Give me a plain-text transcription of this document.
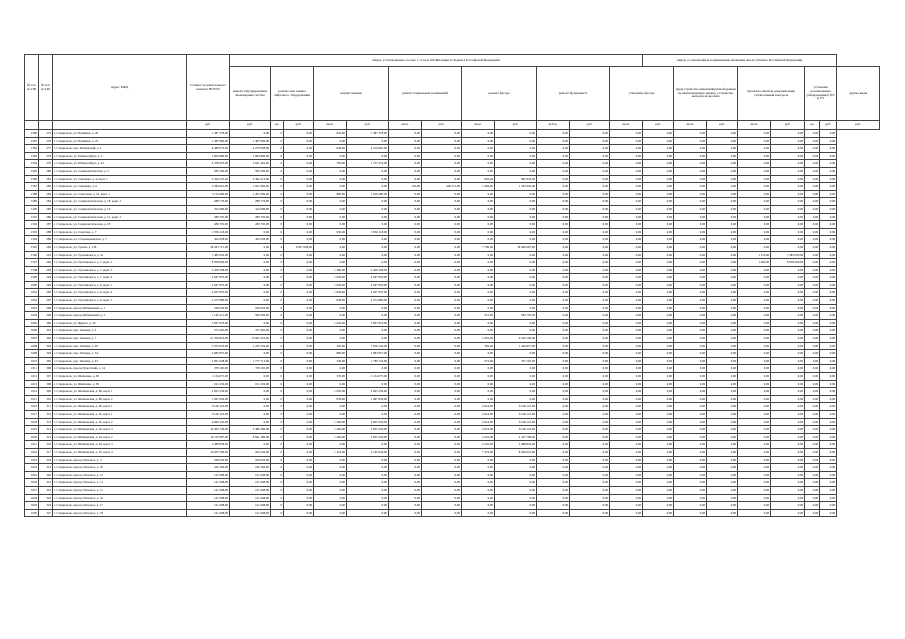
№ п/п по ПП	№ п/п по ПО	Адрес МКД	Стоимость капитального ремонта ВСЕГО	видов, установленных частью 1 статьи 166 Жилищного Кодекса Российской Федерации												видов, установленных нормативным правовым актом субъекта Российской Федерации							
				ремонт внутридомовых инженерных систем	ремонт или замена лифтового оборудования		ремонт крыши		ремонт подвальных помещений		ремонт фасада		ремонт фундамента		утепление фасада		переустройство невентилируемой крыши на вентилируемую крышу, устройство выходов на кровлю		проектно-сметная документация, строительный контроль		установка коллективных (общедомовых) ПУ и УУ		другие виды
			руб.	руб.	ед.	руб.	кв.м.	руб.	кв.м.	руб.	кв.м.	руб.	куб.м.	руб.	кв.м.	руб.	кв.м.	руб.	кв.м.	руб.	ед.	руб.	руб.
1580	275	г. Ставрополь, ул. Пушкина, д. 20	1 387 378,00	0,00	0	0,00	832,00	1 387 378,00	0,00	0,00	0,00	0,00	0,00	0,00	0,00	0,00	0,00	0,00	0,00	0,00	0,00	0,00	
1581	276	г. Ставрополь, ул. Пушкина, д. 25	1 387 000,00	1 387 000,00	0	0,00	0,00	0,00	0,00	0,00	0,00	0,00	0,00	0,00	0,00	0,00	0,00	0,00	0,00	0,00	0,00	0,00	
1582	277	г. Ставрополь, пер. Рылеевский, д. 1	6 489 073,00	4 270 008,00	0	0,00	846,00	2 219 065,00	0,00	0,00	0,00	0,00	0,00	0,00	0,00	0,00	0,00	0,00	0,00	0,00	0,00	0,00	
1583	278	г. Ставрополь, ул. Р.Люксембург, д. 3	1 864 886,00	1 864 886,00	0	0,00	0,00	0,00	0,00	0,00	0,00	0,00	0,00	0,00	0,00	0,00	0,00	0,00	0,00	0,00	0,00	0,00	
1584	279	г. Ставрополь, ул. Р.Люксембург, д. 43	4 378 976,00	2 621 402,00	0	0,00	766,00	1 757 574,00	0,00	0,00	0,00	0,00	0,00	0,00	0,00	0,00	0,00	0,00	0,00	0,00	0,00	0,00	
1585	280	г. Ставрополь, ул. Социалистическая, д. 3	585 506,00	585 506,00	0	0,00	0,00	0,00	0,00	0,00	0,00	0,00	0,00	0,00	0,00	0,00	0,00	0,00	0,00	0,00	0,00	0,00	
1586	281	г. Ставрополь, ул. Спенцера, д. 4, корп. 1	3 444 255,20	2 462 212,00	0	0,00	0,00	0,00	0,00	0,00	605,20	982 043,20	0,00	0,00	0,00	0,00	0,00	0,00	0,00	0,00	0,00	0,00	
1587	282	г. Ставрополь, ул. Спенцера, д. 6	3 584 661,00	1 951 900,00	0	0,00	0,00	0,00	135,00	449 111,00	1 069,00	1 183 650,00	0,00	0,00	0,00	0,00	0,00	0,00	0,00	0,00	0,00	0,00	
1588	283	г. Ставрополь, ул. Советская, д. 10, корп. 1	3 119 480,00	1 201 000,00	0	0,00	899,00	1 918 480,00	0,00	0,00	0,00	0,00	0,00	0,00	0,00	0,00	0,00	0,00	0,00	0,00	0,00	0,00	
1589	284	г. Ставрополь, ул. Социалистическая, д. 18, корп. 2	288 776,00	288 776,00	0	0,00	0,00	0,00	0,00	0,00	0,00	0,00	0,00	0,00	0,00	0,00	0,00	0,00	0,00	0,00	0,00	0,00	
1590	285	г. Ставрополь, ул. Социалистическая, д. 19	322 086,00	322 086,00	0	0,00	0,00	0,00	0,00	0,00	0,00	0,00	0,00	0,00	0,00	0,00	0,00	0,00	0,00	0,00	0,00	0,00	
1591	286	г. Ставрополь, ул. Социалистическая, д. 21, корп. 2	289 795,00	289 795,00	0	0,00	0,00	0,00	0,00	0,00	0,00	0,00	0,00	0,00	0,00	0,00	0,00	0,00	0,00	0,00	0,00	0,00	
1592	287	г. Ставрополь, ул. Социалистическая, д. 23	289 795,00	289 795,00	0	0,00	0,00	0,00	0,00	0,00	0,00	0,00	0,00	0,00	0,00	0,00	0,00	0,00	0,00	0,00	0,00	0,00	
1593	288	г. Ставрополь, ул. Спартака, д. 7	1 856 118,00	0,00	0	0,00	930,00	1 856 118,00	0,00	0,00	0,00	0,00	0,00	0,00	0,00	0,00	0,00	0,00	0,00	0,00	0,00	0,00	
1594	289	г. Ставрополь, пл. Старомарьевское, д. 7	422 058,00	422 058,00	0	0,00	0,00	0,00	0,00	0,00	0,00	0,00	0,00	0,00	0,00	0,00	0,00	0,00	0,00	0,00	0,00	0,00	
1595	290	г. Ставрополь, ул. Тухова, д. 136	28 263 715,00	0,00	4	9 857 028,00	0,00	0,00	0,00	0,00	7 790,00	18 406 687,00	0,00	0,00	0,00	0,00	0,00	0,00	0,00	0,00	0,00	0,00	
1596	291	г. Ставрополь, ул. Тухачевского, д. 3а	7 485 050,00	0,00	0	0,00	0,00	0,00	0,00	0,00	0,00	0,00	0,00	0,00	0,00	0,00	0,00	0,00	1 155,00	7 485 050,00	0,00	0,00	
1597	292	г. Ставрополь, ул. Тухачевского, д. 7, корп. 2	8 958 600,00	0,00	0	0,00	0,00	0,00	0,00	0,00	0,00	0,00	0,00	0,00	0,00	0,00	0,00	0,00	1 400,00	8 958 600,00	0,00	0,00	
1598	293	г. Ставрополь, ул. Тухачевского, д. 7, корп. 3	3 459 328,00	0,00	0	0,00	1 386,00	3 459 328,00	0,00	0,00	0,00	0,00	0,00	0,00	0,00	0,00	0,00	0,00	0,00	0,00	0,00	0,00	
1599	294	г. Ставрополь, ул. Тухачевского, д. 7, корп. 4	4 647 835,00	0,00	0	0,00	1 959,00	4 647 835,00	0,00	0,00	0,00	0,00	0,00	0,00	0,00	0,00	0,00	0,00	0,00	0,00	0,00	0,00	
1600	295	г. Ставрополь, ул. Тухачевского, д. 9, корп. 1	4 647 835,00	0,00	0	0,00	1 959,00	4 647 835,00	0,00	0,00	0,00	0,00	0,00	0,00	0,00	0,00	0,00	0,00	0,00	0,00	0,00	0,00	
1601	296	г. Ставрополь, ул. Тухачевского, д. 9, корп. 4	4 647 835,00	0,00	0	0,00	1 959,00	4 647 835,00	0,00	0,00	0,00	0,00	0,00	0,00	0,00	0,00	0,00	0,00	0,00	0,00	0,00	0,00	
1602	297	г. Ставрополь, ул. Тухачевского, д. 9, корп. 5	2 272 886,00	0,00	0	0,00	958,00	2 272 886,00	0,00	0,00	0,00	0,00	0,00	0,00	0,00	0,00	0,00	0,00	0,00	0,00	0,00	0,00	
1603	298	г. Ставрополь, проезд Фабричный, д. 1	236 056,00	236 056,00	0	0,00	0,00	0,00	0,00	0,00	0,00	0,00	0,00	0,00	0,00	0,00	0,00	0,00	0,00	0,00	0,00	0,00	
1604	299	г. Ставрополь, проезд Фабричный, д. 3	1 145 211,00	560 506,00	0	0,00	0,00	0,00	0,00	0,00	475,00	584 705,00	0,00	0,00	0,00	0,00	0,00	0,00	0,00	0,00	0,00	0,00	
1605	300	г. Ставрополь, ул. Фрунзе, д. 20	3 837 918,00	0,00	0	0,00	1 642,00	3 837 918,00	0,00	0,00	0,00	0,00	0,00	0,00	0,00	0,00	0,00	0,00	0,00	0,00	0,00	0,00	
1606	301	г. Ставрополь, пер. Чапаева, д. 2	375 465,00	375 465,00	0	0,00	0,00	0,00	0,00	0,00	0,00	0,00	0,00	0,00	0,00	0,00	0,00	0,00	0,00	0,00	0,00	0,00	
1607	302	г. Ставрополь, пер. Чапаева, д. 7	21 359 819,00	15 001 623,00	0	0,00	0,00	0,00	0,00	0,00	1 825,00	6 358 196,00	0,00	0,00	0,00	0,00	0,00	0,00	0,00	0,00	0,00	0,00	
1608	303	г. Ставрополь, пер. Чапаева, д. 29	3 553 933,00	1 245 534,00	0	0,00	326,00	1 056 542,00	0,00	0,00	365,00	1 249 857,00	0,00	0,00	0,00	0,00	0,00	0,00	0,00	0,00	0,00	0,00	
1609	304	г. Ставрополь, пер. Чапаева, д. 34	2 083 875,00	0,00	0	0,00	880,00	2 083 875,00	0,00	0,00	0,00	0,00	0,00	0,00	0,00	0,00	0,00	0,00	0,00	0,00	0,00	0,00	
1610	305	г. Ставрополь, пер. Чапаева, д. 42	2 821 948,00	1 777 714,00	0	0,00	346,00	1 789 132,00	0,00	0,00	975,00	355 102,00	0,00	0,00	0,00	0,00	0,00	0,00	0,00	0,00	0,00	0,00	
1611	306	г. Ставрополь, проезд Чукотский, д. 14	378 165,00	378 165,00	0	0,00	0,00	0,00	0,00	0,00	0,00	0,00	0,00	0,00	0,00	0,00	0,00	0,00	0,00	0,00	0,00	0,00	
1612	307	г. Ставрополь, ул. Шевченко, д. 83	1 134 075,00	0,00	0	0,00	376,00	1 134 075,00	0,00	0,00	0,00	0,00	0,00	0,00	0,00	0,00	0,00	0,00	0,00	0,00	0,00	0,00	
1613	308	г. Ставрополь, ул. Шевченко, д. 85	611 256,00	611 256,00	0	0,00	0,00	0,00	0,00	0,00	0,00	0,00	0,00	0,00	0,00	0,00	0,00	0,00	0,00	0,00	0,00	0,00	
1614	309	г. Ставрополь, ул. Шпаковская, д. 86, корп. 1	2 825 259,00	0,00	0	0,00	1 005,00	2 825 259,00	0,00	0,00	0,00	0,00	0,00	0,00	0,00	0,00	0,00	0,00	0,00	0,00	0,00	0,00	
1615	310	г. Ставрополь, ул. Шпаковская, д. 86, корп. 2	1 967 856,00	0,00	0	0,00	856,00	1 967 856,00	0,00	0,00	0,00	0,00	0,00	0,00	0,00	0,00	0,00	0,00	0,00	0,00	0,00	0,00	
1616	311	г. Ставрополь, ул. Шпаковская, д. 90, корп. 1	6 109 116,00	0,00	0	0,00	0,00	0,00	0,00	0,00	2 616,00	6 109 116,00	0,00	0,00	0,00	0,00	0,00	0,00	0,00	0,00	0,00	0,00	
1617	312	г. Ставрополь, ул. Шпаковская, д. 92, корп. 1	6 109 116,00	0,00	0	0,00	0,00	0,00	0,00	0,00	2 616,00	6 109 116,00	0,00	0,00	0,00	0,00	0,00	0,00	0,00	0,00	0,00	0,00	
1618	313	г. Ставрополь, ул. Шпаковская, д. 92, корп. 2	6 984 545,00	0,00	0	0,00	1 260,00	2 855 259,00	0,00	0,00	2 616,00	6 109 116,00	0,00	0,00	0,00	0,00	0,00	0,00	0,00	0,00	0,00	0,00	
1619	314	г. Ставрополь, ул. Шпаковская, д. 92, корп. 3	10 463 746,00	5 489 386,00	0	0,00	1 260,00	2 855 259,00	0,00	0,00	2 616,00	6 109 116,00	0,00	0,00	0,00	0,00	0,00	0,00	0,00	0,00	0,00	0,00	
1620	315	г. Ставрополь, ул. Шпаковская, д. 94, корп. 2	16 125 687,00	8 841 386,00	0	0,00	1 260,00	2 855 259,00	0,00	0,00	2 225,00	4 347 786,00	0,00	0,00	0,00	0,00	0,00	0,00	0,00	0,00	0,00	0,00	
1621	316	г. Ставрополь, ул. Шпаковская, д. 94, корп. 3	3 488 856,00	0,00	0	0,00	0,00	0,00	0,00	0,00	2 225,00	3 488 856,00	0,00	0,00	0,00	0,00	0,00	0,00	0,00	0,00	0,00	0,00	
1622	317	г. Ставрополь, ул. Шпаковская, д. 95, корп. 4	10 837 596,00	262 056,00	0	0,00	1 316,00	2 745 056,00	0,00	0,00	7 476,00	8 036 953,00	0,00	0,00	0,00	0,00	0,00	0,00	0,00	0,00	0,00	0,00	
1623	318	г. Ставрополь, проезд Энгельса, д. 3	226 056,00	226 056,00	0	0,00	0,00	0,00	0,00	0,00	0,00	0,00	0,00	0,00	0,00	0,00	0,00	0,00	0,00	0,00	0,00	0,00	
1624	319	г. Ставрополь, проезд Энгельса, д. 10	226 166,00	226 166,00	0	0,00	0,00	0,00	0,00	0,00	0,00	0,00	0,00	0,00	0,00	0,00	0,00	0,00	0,00	0,00	0,00	0,00	
1625	320	г. Ставрополь, проезд Энгельса, д. 12	121 008,00	121 008,00	0	0,00	0,00	0,00	0,00	0,00	0,00	0,00	0,00	0,00	0,00	0,00	0,00	0,00	0,00	0,00	0,00	0,00	
1626	321	г. Ставрополь, проезд Энгельса, д. 13	121 008,00	121 008,00	0	0,00	0,00	0,00	0,00	0,00	0,00	0,00	0,00	0,00	0,00	0,00	0,00	0,00	0,00	0,00	0,00	0,00	
1627	322	г. Ставрополь, проезд Энгельса, д. 15	121 008,00	121 008,00	0	0,00	0,00	0,00	0,00	0,00	0,00	0,00	0,00	0,00	0,00	0,00	0,00	0,00	0,00	0,00	0,00	0,00	
1628	323	г. Ставрополь, проезд Энгельса, д. 16	121 008,00	121 008,00	0	0,00	0,00	0,00	0,00	0,00	0,00	0,00	0,00	0,00	0,00	0,00	0,00	0,00	0,00	0,00	0,00	0,00	
1629	324	г. Ставрополь, проезд Энгельса, д. 17	121 008,00	121 008,00	0	0,00	0,00	0,00	0,00	0,00	0,00	0,00	0,00	0,00	0,00	0,00	0,00	0,00	0,00	0,00	0,00	0,00	
1630	325	г. Ставрополь, проезд Энгельса, д. 18	121 008,00	121 008,00	0	0,00	0,00	0,00	0,00	0,00	0,00	0,00	0,00	0,00	0,00	0,00	0,00	0,00	0,00	0,00	0,00	0,00	
